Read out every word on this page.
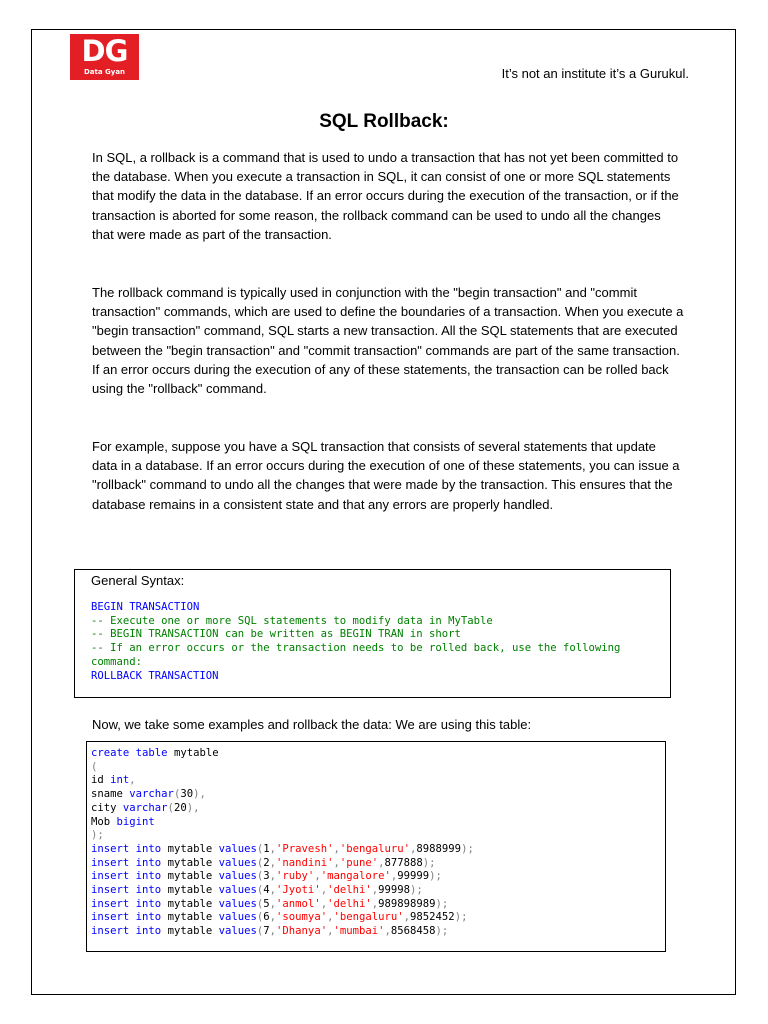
DG
Data Gyan	It’s not an institute it’s a Gurukul.
SQL Rollback:

In SQL, a rollback is a command that is used to undo a transaction that has not yet been committed to the database. When you execute a transaction in SQL, it can consist of one or more SQL statements that modify the data in the database. If an error occurs during the execution of the transaction, or if the transaction is aborted for some reason, the rollback command can be used to undo all the changes that were made as part of the transaction.

The rollback command is typically used in conjunction with the "begin transaction" and "commit transaction" commands, which are used to define the boundaries of a transaction. When you execute a "begin transaction" command, SQL starts a new transaction. All the SQL statements that are executed between the "begin transaction" and "commit transaction" commands are part of the same transaction. If an error occurs during the execution of any of these statements, the transaction can be rolled back using the "rollback" command.

For example, suppose you have a SQL transaction that consists of several statements that update data in a database. If an error occurs during the execution of one of these statements, you can issue a "rollback" command to undo all the changes that were made by the transaction. This ensures that the database remains in a consistent state and that any errors are properly handled.

General Syntax:
BEGIN TRANSACTION
-- Execute one or more SQL statements to modify data in MyTable
-- BEGIN TRANSACTION can be written as BEGIN TRAN in short
-- If an error occurs or the transaction needs to be rolled back, use the following
command:
ROLLBACK TRANSACTION
Now, we take some examples and rollback the data: We are using this table:
create table mytable
(
id int,
sname varchar(30),
city varchar(20),
Mob bigint
);
insert into mytable values(1,'Pravesh','bengaluru',8988999);
insert into mytable values(2,'nandini','pune',877888);
insert into mytable values(3,'ruby','mangalore',99999);
insert into mytable values(4,'Jyoti','delhi',99998);
insert into mytable values(5,'anmol','delhi',989898989);
insert into mytable values(6,'soumya','bengaluru',9852452);
insert into mytable values(7,'Dhanya','mumbai',8568458);
